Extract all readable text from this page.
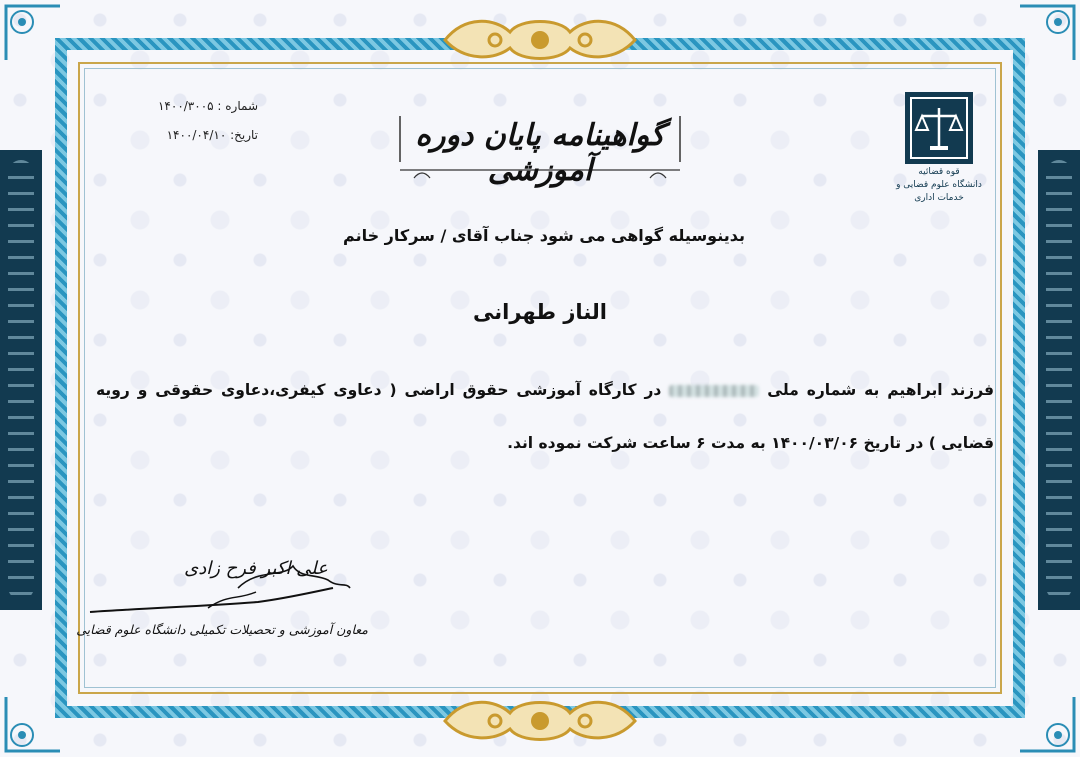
شماره : ۱۴۰۰/۳۰۰۵
تاریخ: ۱۴۰۰/۰۴/۱۰	گواهینامه پایان دوره آموزشی	قوه قضائیه
دانشگاه علوم قضایی و خدمات اداری
بدینوسیله گواهی می شود جناب آقای / سرکار خانم
الناز طهرانی
فرزند ابراهیم به شماره ملی  در کارگاه آموزشی حقوق اراضی ( دعاوی کیفری،دعاوی حقوقی و رویه
قضایی ) در تاریخ ۱۴۰۰/۰۳/۰۶ به مدت ۶ ساعت شرکت نموده اند.
علی اکبر فرح زادی
معاون آموزشی و تحصیلات تکمیلی دانشگاه علوم قضایی
